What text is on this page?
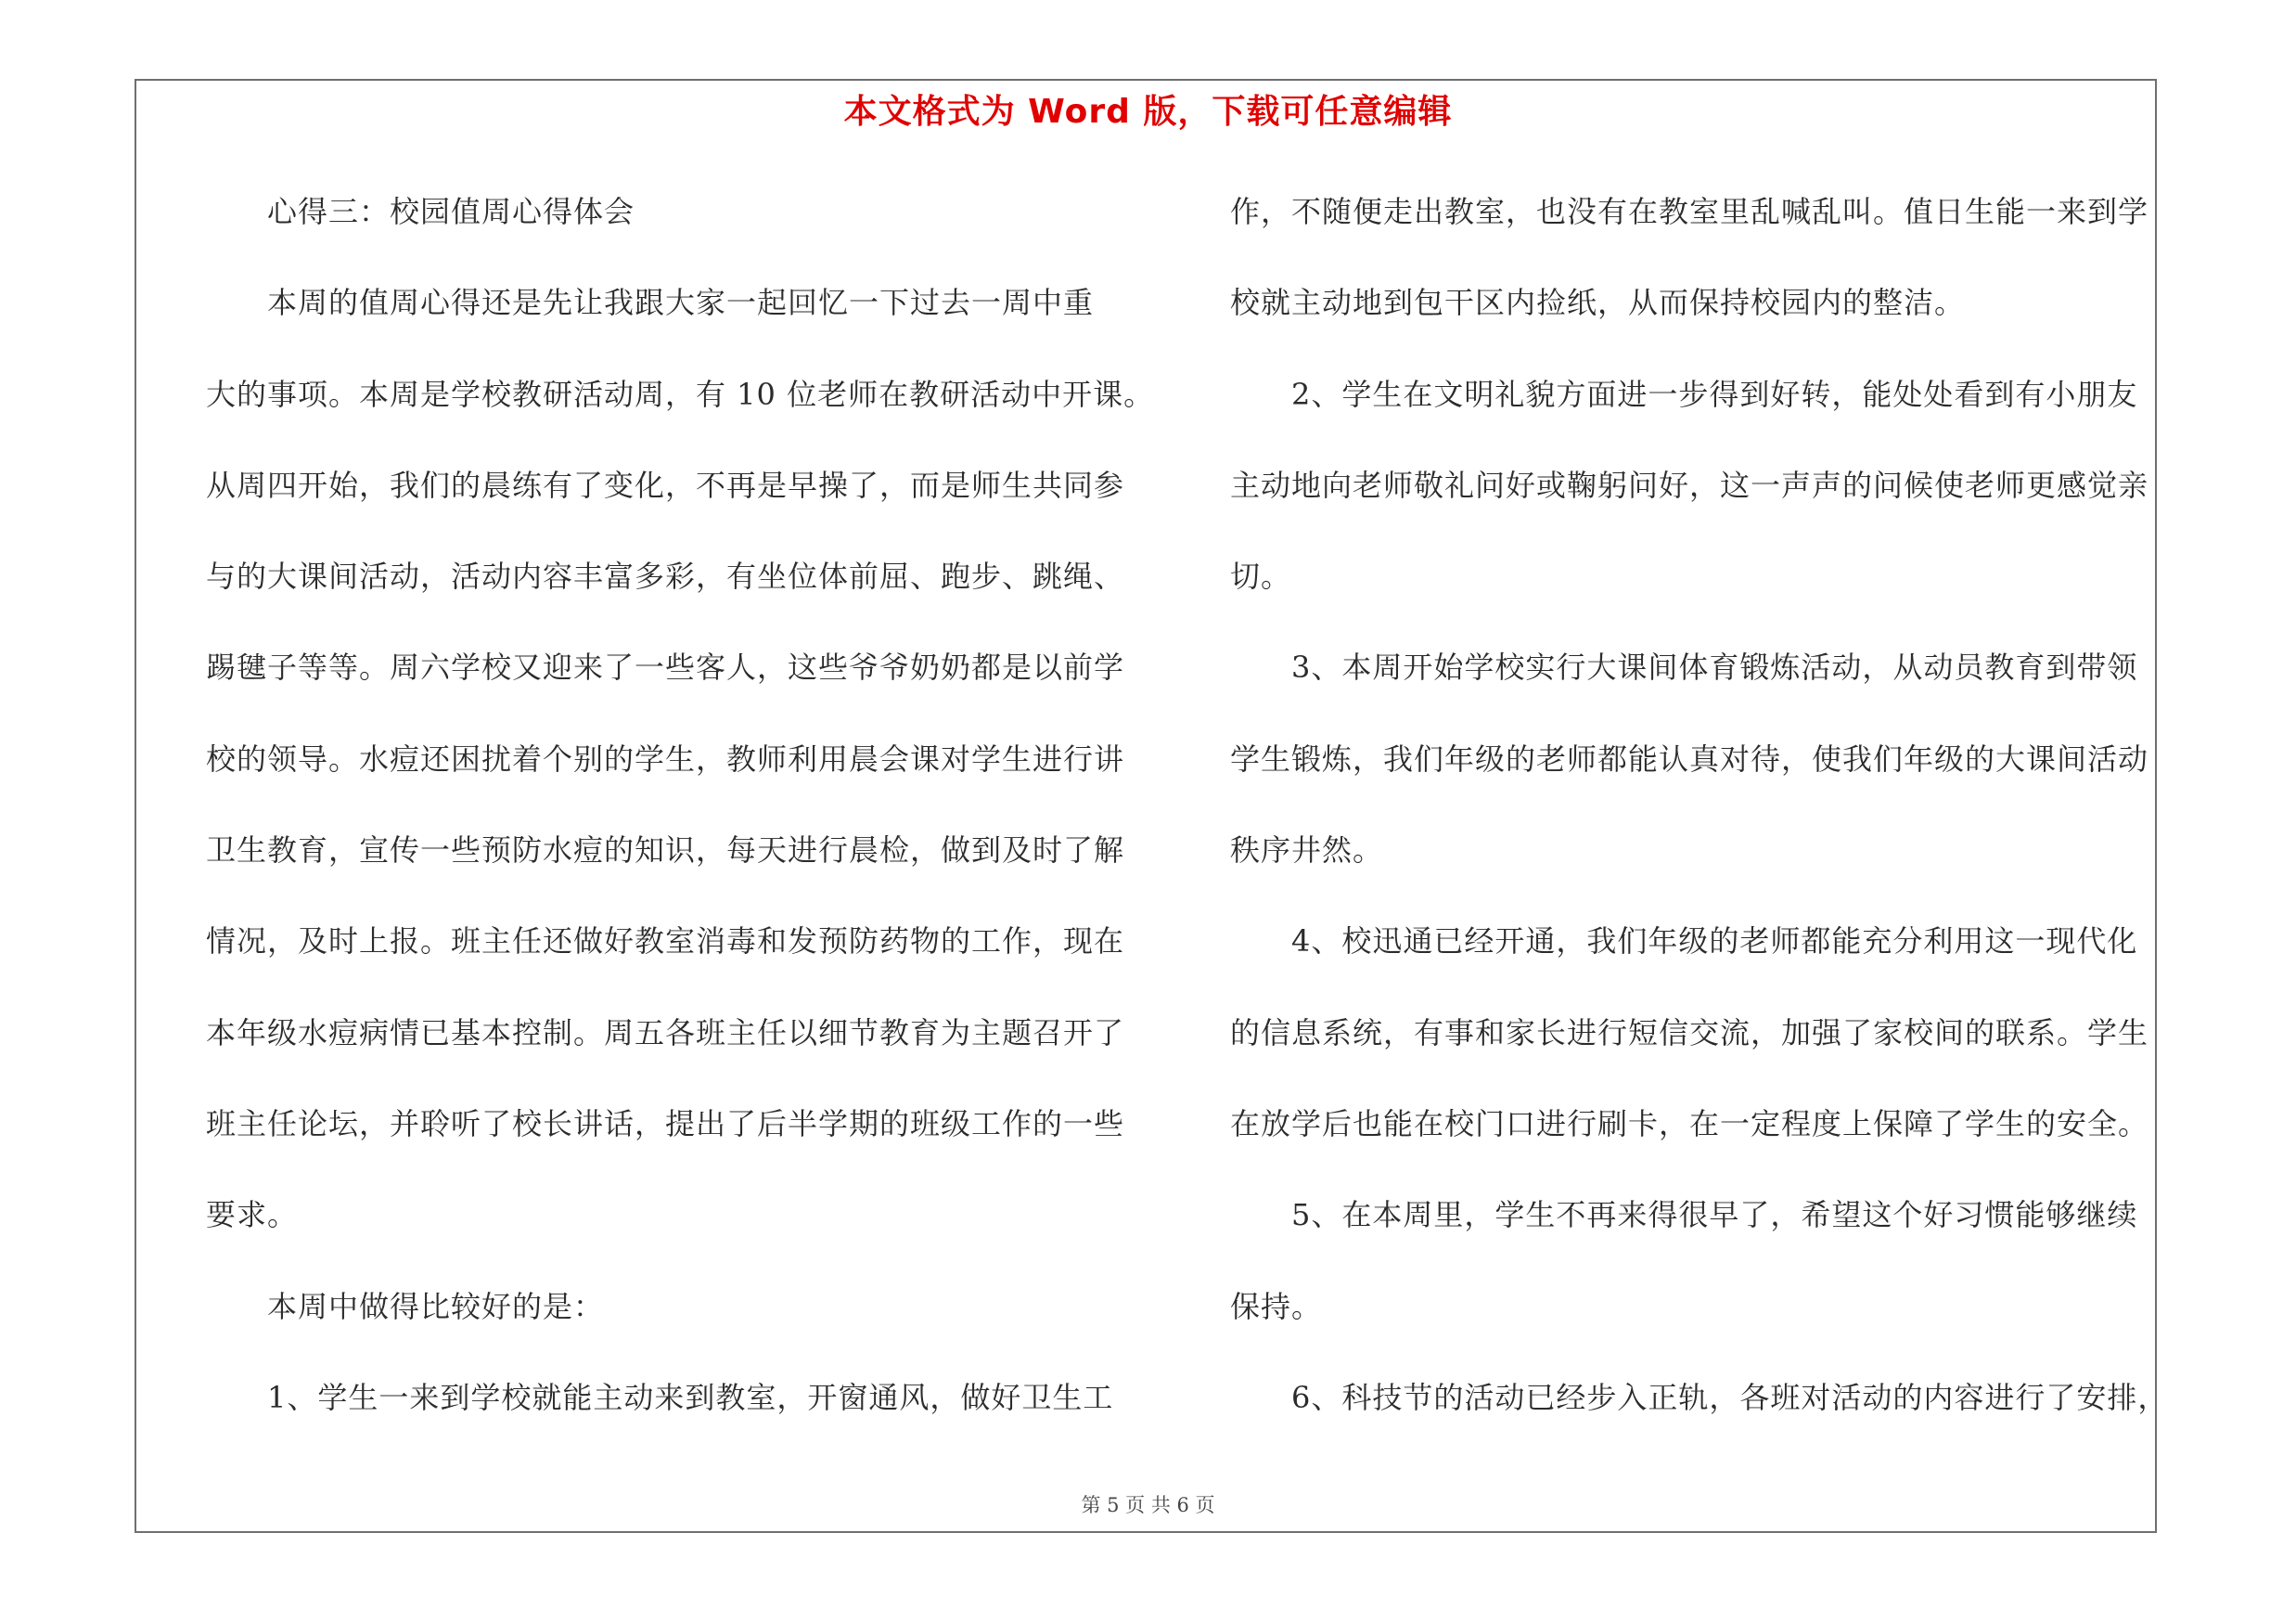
本文格式为 Word 版，下载可任意编辑
　　心得三：校园值周心得体会
　　本周的值周心得还是先让我跟大家一起回忆一下过去一周中重
大的事项。本周是学校教研活动周，有 10 位老师在教研活动中开课。
从周四开始，我们的晨练有了变化，不再是早操了，而是师生共同参
与的大课间活动，活动内容丰富多彩，有坐位体前屈、跑步、跳绳、
踢毽子等等。周六学校又迎来了一些客人，这些爷爷奶奶都是以前学
校的领导。水痘还困扰着个别的学生，教师利用晨会课对学生进行讲
卫生教育，宣传一些预防水痘的知识，每天进行晨检，做到及时了解
情况，及时上报。班主任还做好教室消毒和发预防药物的工作，现在
本年级水痘病情已基本控制。周五各班主任以细节教育为主题召开了
班主任论坛，并聆听了校长讲话，提出了后半学期的班级工作的一些
要求。
　　本周中做得比较好的是：
　　1、学生一来到学校就能主动来到教室，开窗通风，做好卫生工
作，不随便走出教室，也没有在教室里乱喊乱叫。值日生能一来到学
校就主动地到包干区内捡纸，从而保持校园内的整洁。
　　2、学生在文明礼貌方面进一步得到好转，能处处看到有小朋友
主动地向老师敬礼问好或鞠躬问好，这一声声的问候使老师更感觉亲
切。
　　3、本周开始学校实行大课间体育锻炼活动，从动员教育到带领
学生锻炼，我们年级的老师都能认真对待，使我们年级的大课间活动
秩序井然。
　　4、校迅通已经开通，我们年级的老师都能充分利用这一现代化
的信息系统，有事和家长进行短信交流，加强了家校间的联系。学生
在放学后也能在校门口进行刷卡，在一定程度上保障了学生的安全。
　　5、在本周里，学生不再来得很早了，希望这个好习惯能够继续
保持。
　　6、科技节的活动已经步入正轨，各班对活动的内容进行了安排，
第 5 页 共 6 页
